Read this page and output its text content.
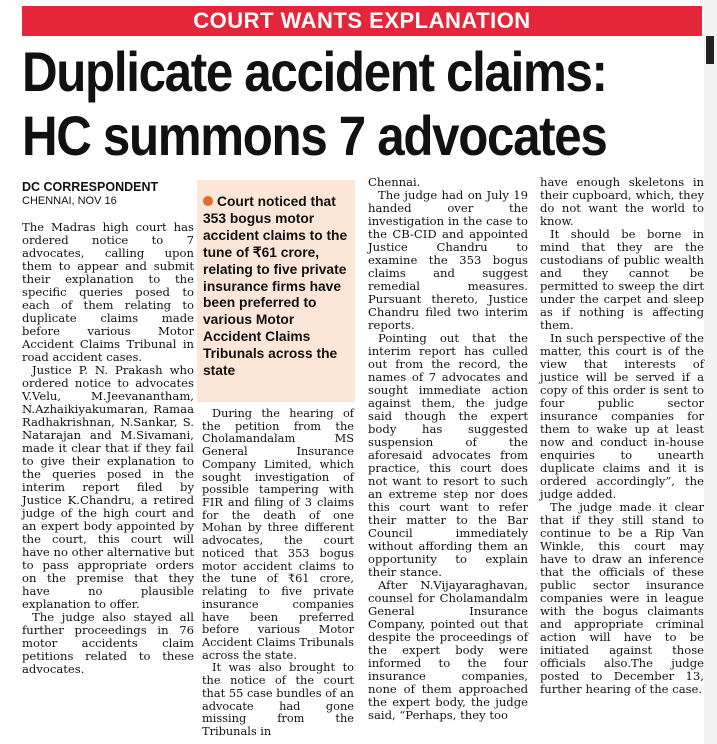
COURT WANTS EXPLANATION
Duplicate accident claims:
HC summons 7 advocates
DC CORRESPONDENT
CHENNAI, NOV 16	Court noticed that 353 bogus motor accident claims to the tune of ₹61 crore, relating to five private insurance firms have been preferred to various Motor Accident Claims Tribunals across the state

The Madras high court has ordered notice to 7 advocates, calling upon them to appear and submit their explanation to the specific queries posed to each of them relating to duplicate claims made before various Motor Accident Claims Tribunal in road accident cases.

Justice P. N. Prakash who ordered notice to advocates V.Velu, M.Jeevanantham, N.Azhaikiyakumaran, Ramaa Radhakrishnan, N.Sankar, S. Natarajan and M.Sivamani, made it clear that if they fail to give their explanation to the queries posed in the interim report filed by Justice K.Chandru, a retired judge of the high court and an expert body appointed by the court, this court will have no other alternative but to pass appropriate orders on the premise that they have no plausible explanation to offer.

The judge also stayed all further proceedings in 76 motor accidents claim petitions related to these advocates.

During the hearing of the petition from the Cholamandalam MS General Insurance Company Limited, which sought investigation of possible tampering with FIR and filing of 3 claims for the death of one Mohan by three different advocates, the court noticed that 353 bogus motor accident claims to the tune of ₹61 crore, relating to five private insurance companies have been preferred before various Motor Accident Claims Tribunals across the state.

It was also brought to the notice of the court that 55 case bundles of an advocate had gone missing from the Tribunals in

Chennai.

The judge had on July 19 handed over the investigation in the case to the CB-CID and appointed Justice Chandru to examine the 353 bogus claims and suggest remedial measures. Pursuant thereto, Justice Chandru filed two interim reports.

Pointing out that the interim report has culled out from the record, the names of 7 advocates and sought immediate action against them, the judge said though the expert body has suggested suspension of the aforesaid advocates from practice, this court does not want to resort to such an extreme step nor does this court want to refer their matter to the Bar Council immediately without affording them an opportunity to explain their stance.

After N.Vijayaraghavan, counsel for Cholamandalm General Insurance Company, pointed out that despite the proceedings of the expert body were informed to the four insurance companies, none of them approached the expert body, the judge said, “Perhaps, they too

have enough skeletons in their cupboard, which, they do not want the world to know.

It should be borne in mind that they are the custodians of public wealth and they cannot be permitted to sweep the dirt under the carpet and sleep as if nothing is affecting them.

In such perspective of the matter, this court is of the view that interests of justice will be served if a copy of this order is sent to four public sector insurance companies for them to wake up at least now and conduct in-house enquiries to unearth duplicate claims and it is ordered accordingly”, the judge added.

The judge made it clear that if they still stand to continue to be a Rip Van Winkle, this court may have to draw an inference that the officials of these public sector insurance companies were in league with the bogus claimants and appropriate criminal action will have to be initiated against those officials also.The judge posted to December 13, further hearing of the case.
